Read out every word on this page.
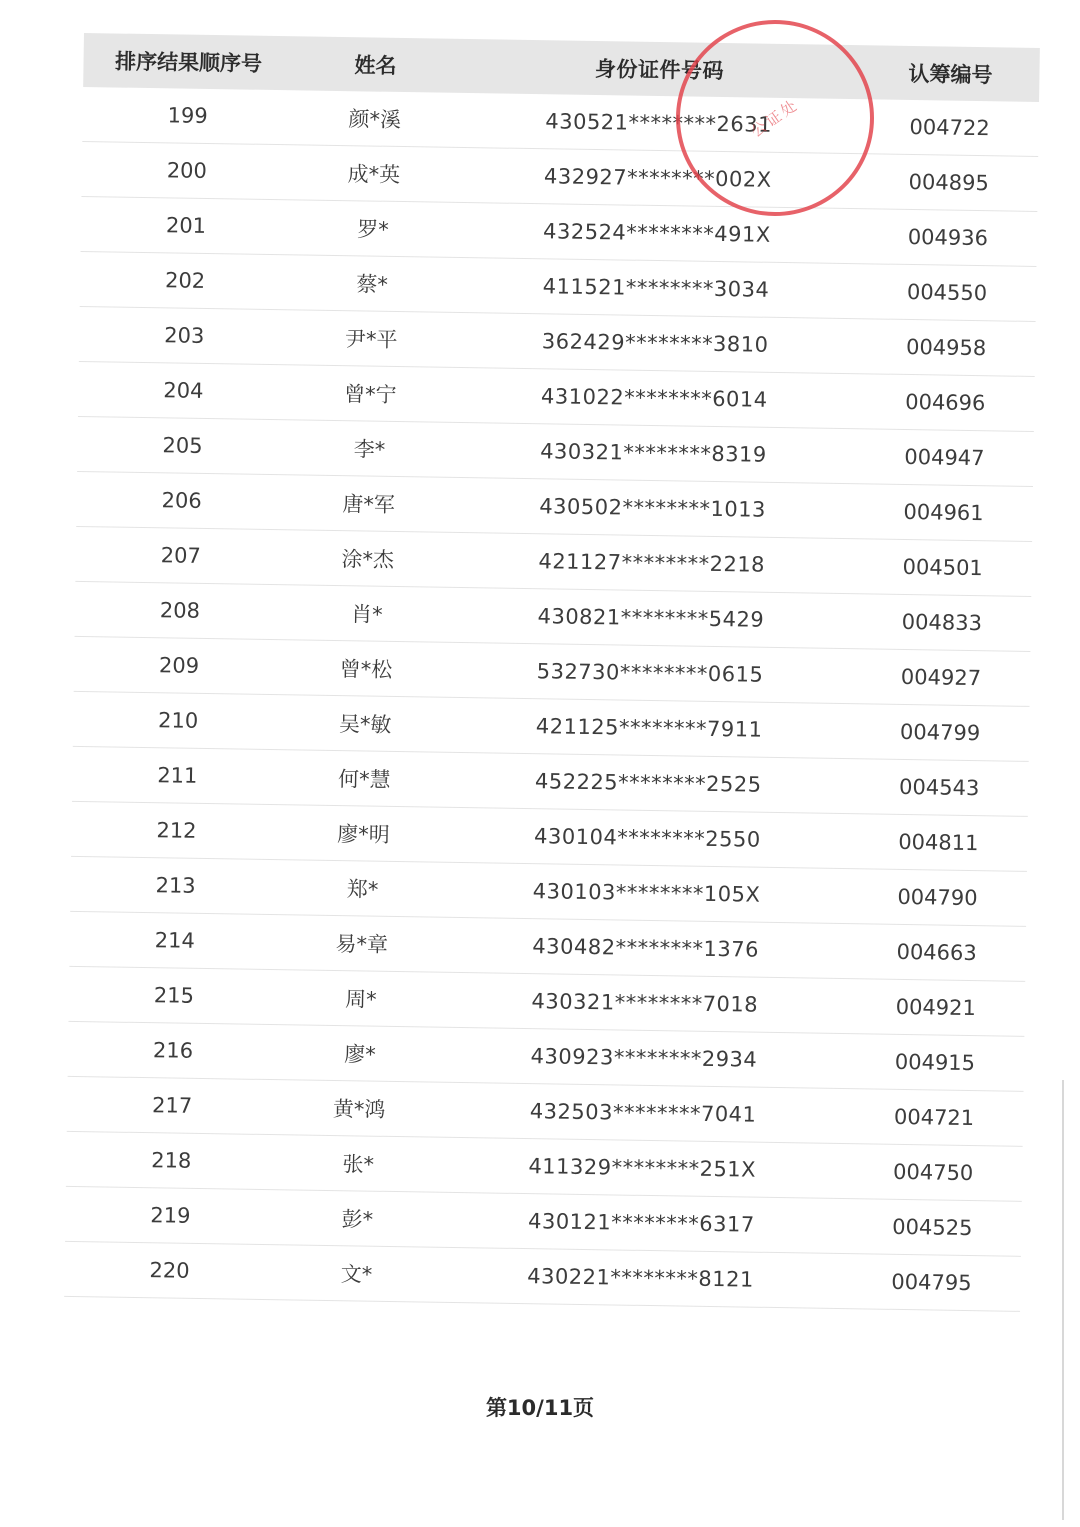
排序结果顺序号	姓名	身份证件号码	认筹编号
199	颜*溪	430521********2631	004722
200	成*英	432927********002X	004895
201	罗*	432524********491X	004936
202	蔡*	411521********3034	004550
203	尹*平	362429********3810	004958
204	曾*宁	431022********6014	004696
205	李*	430321********8319	004947
206	唐*军	430502********1013	004961
207	涂*杰	421127********2218	004501
208	肖*	430821********5429	004833
209	曾*松	532730********0615	004927
210	吴*敏	421125********7911	004799
211	何*慧	452225********2525	004543
212	廖*明	430104********2550	004811
213	郑*	430103********105X	004790
214	易*章	430482********1376	004663
215	周*	430321********7018	004921
216	廖*	430923********2934	004915
217	黄*鸿	432503********7041	004721
218	张*	411329********251X	004750
219	彭*	430121********6317	004525
220	文*	430221********8121	004795
公证处
第10/11页
